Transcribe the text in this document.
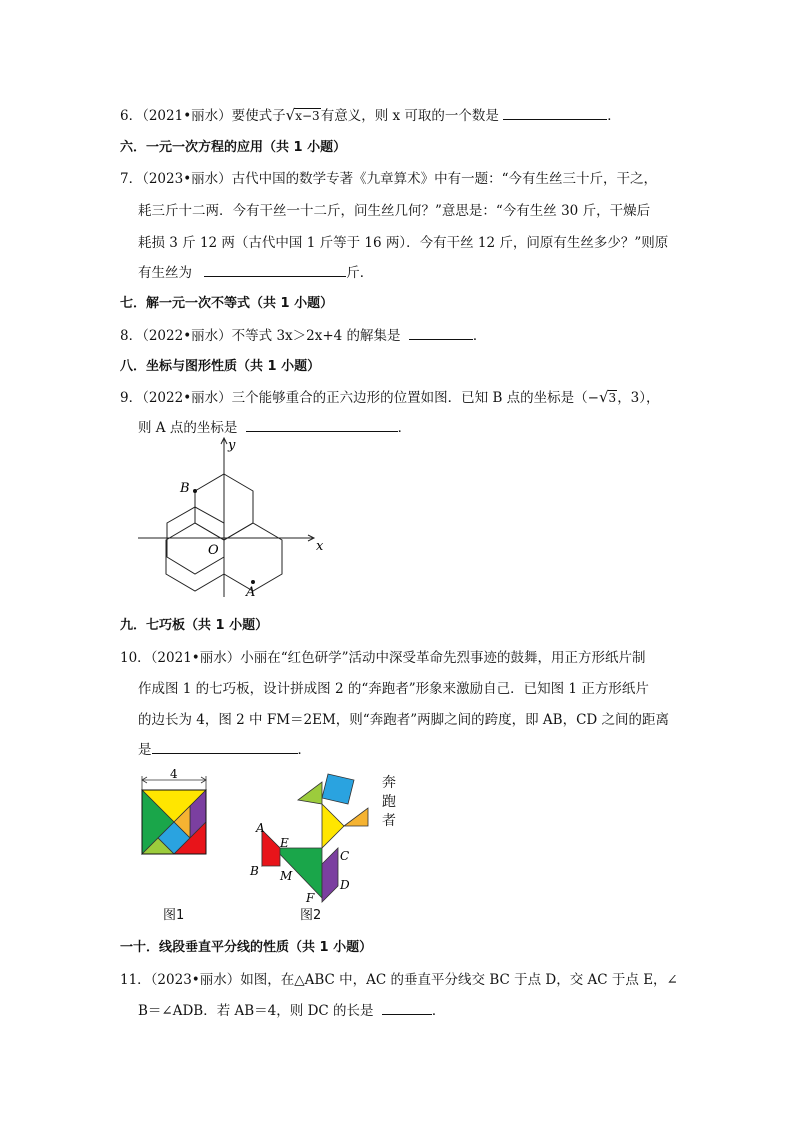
6．（2021•丽水）要使式子√x−3有意义，则 x 可取的一个数是	．
六．一元一次方程的应用（共 1 小题）
7．（2023•丽水）古代中国的数学专著《九章算术》中有一题：“今有生丝三十斤，干之，
耗三斤十二两．今有干丝一十二斤，问生丝几何？”意思是：“今有生丝 30 斤，干燥后
耗损 3 斤 12 两（古代中国 1 斤等于 16 两）．今有干丝 12 斤，问原有生丝多少？”则原
有生丝为	斤．
七．解一元一次不等式（共 1 小题）
8．（2022•丽水）不等式 3x＞2x+4 的解集是	．
八．坐标与图形性质（共 1 小题）
9．（2022•丽水）三个能够重合的正六边形的位置如图．已知 B 点的坐标是（−√3，3），
则 A 点的坐标是	．
y
x
O
B
A
九．七巧板（共 1 小题）
10．（2021•丽水）小丽在“红色研学”活动中深受革命先烈事迹的鼓舞，用正方形纸片制
作成图 1 的七巧板，设计拼成图 2 的“奔跑者”形象来激励自己．已知图 1 正方形纸片
的边长为 4，图 2 中 FM＝2EM，则“奔跑者”两脚之间的跨度，即 AB，CD 之间的距离
是	．
4
图1
A
B
E
M
C
D
F
奔
跑
者
图2
一十．线段垂直平分线的性质（共 1 小题）
11．（2023•丽水）如图，在△ABC 中，AC 的垂直平分线交 BC 于点 D，交 AC 于点 E，∠
B＝∠ADB．若 AB＝4，则 DC 的长是	．
